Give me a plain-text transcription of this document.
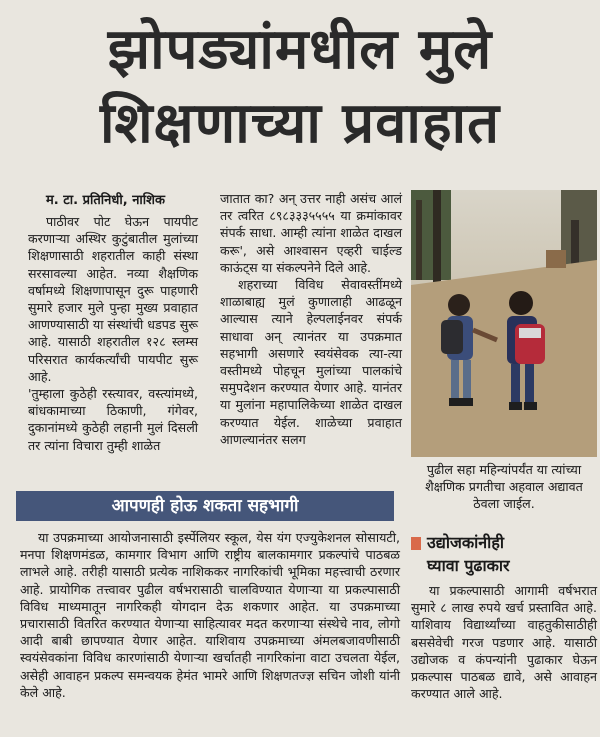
झोपड्यांमधील मुले
शिक्षणाच्या प्रवाहात
म. टा. प्रतिनिधी, नाशिक

पाठीवर पोट घेऊन पायपीट करणाऱ्या अस्थिर कुटुंबातील मुलांच्या शिक्षणासाठी शहरातील काही संस्था सरसावल्या आहेत. नव्या शैक्षणिक वर्षामध्ये शिक्षणापासून दुरू पाहणारी सुमारे हजार मुले पुन्हा मुख्य प्रवाहात आणण्यासाठी या संस्थांची धडपड सुरू आहे. यासाठी शहरातील १२८ स्लम्स परिसरात कार्यकर्त्यांची पायपीट सुरू आहे.

'तुम्हाला कुठेही रस्त्यावर, वस्त्यांमध्ये, बांधकामाच्या ठिकाणी, गंगेवर, दुकानांमध्ये कुठेही लहानी मुलं दिसली तर त्यांना विचारा तुम्ही शाळेत

जातात का? अन् उत्तर नाही असंच आलं तर त्वरित ८९८३३३५५५५ या क्रमांकावर संपर्क साधा. आम्ही त्यांना शाळेत दाखल करू', असे आश्वासन एव्हरी चाईल्ड काऊंट्स या संकल्पनेने दिले आहे.

शहराच्या विविध सेवावस्तींमध्ये शाळाबाह्य मुलं कुणालाही आढळून आल्यास त्याने हेल्पलाईनवर संपर्क साधावा अन् त्यानंतर या उपक्रमात सहभागी असणारे स्वयंसेवक त्या-त्या वस्तीमध्ये पोहचून मुलांच्या पालकांचे समुपदेशन करण्यात येणार आहे. यानंतर या मुलांना महापालिकेच्या शाळेत दाखल करण्यात येईल. शाळेच्या प्रवाहात आणल्यानंतर सलग

पुढील सहा महिन्यांपर्यंत या त्यांच्या शैक्षणिक प्रगतीचा अहवाल अद्यावत ठेवला जाईल.
आपणही होऊ शकता सहभागी

या उपक्रमाच्या आयोजनासाठी इर्स्पेलियर स्कूल, येस यंग एज्युकेशनल सोसायटी, मनपा शिक्षणमंडळ, कामगार विभाग आणि राष्ट्रीय बालकामगार प्रकल्पांचे पाठबळ लाभले आहे. तरीही यासाठी प्रत्येक नाशिककर नागरिकांची भूमिका महत्त्वाची ठरणार आहे. प्रायोगिक तत्त्वावर पुढील वर्षभरासाठी चालविण्यात येणाऱ्या या प्रकल्पासाठी विविध माध्यमातून नागरिकही योगदान देऊ शकणार आहेत. या उपक्रमाच्या प्रचारासाठी वितरित करण्यात येणाऱ्या साहित्यावर मदत करणाऱ्या संस्थेचे नाव, लोगो आदी बाबी छापण्यात येणार आहेत. याशिवाय उपक्रमाच्या अंमलबजावणीसाठी स्वयंसेवकांना विविध कारणांसाठी येणाऱ्या खर्चातही नागरिकांना वाटा उचलता येईल, असेही आवाहन प्रकल्प समन्वयक हेमंत भामरे आणि शिक्षणतज्ज्ञ सचिन जोशी यांनी केले आहे.

उद्योजकांनीही
घ्यावा पुढाकार

या प्रकल्पासाठी आगामी वर्षभरात सुमारे ८ लाख रुपये खर्च प्रस्तावित आहे. याशिवाय विद्यार्थ्यांच्या वाहतुकीसाठीही बससेवेची गरज पडणार आहे. यासाठी उद्योजक व कंपन्यांनी पुढाकार घेऊन प्रकल्पास पाठबळ द्यावे, असे आवाहन करण्यात आले आहे.
